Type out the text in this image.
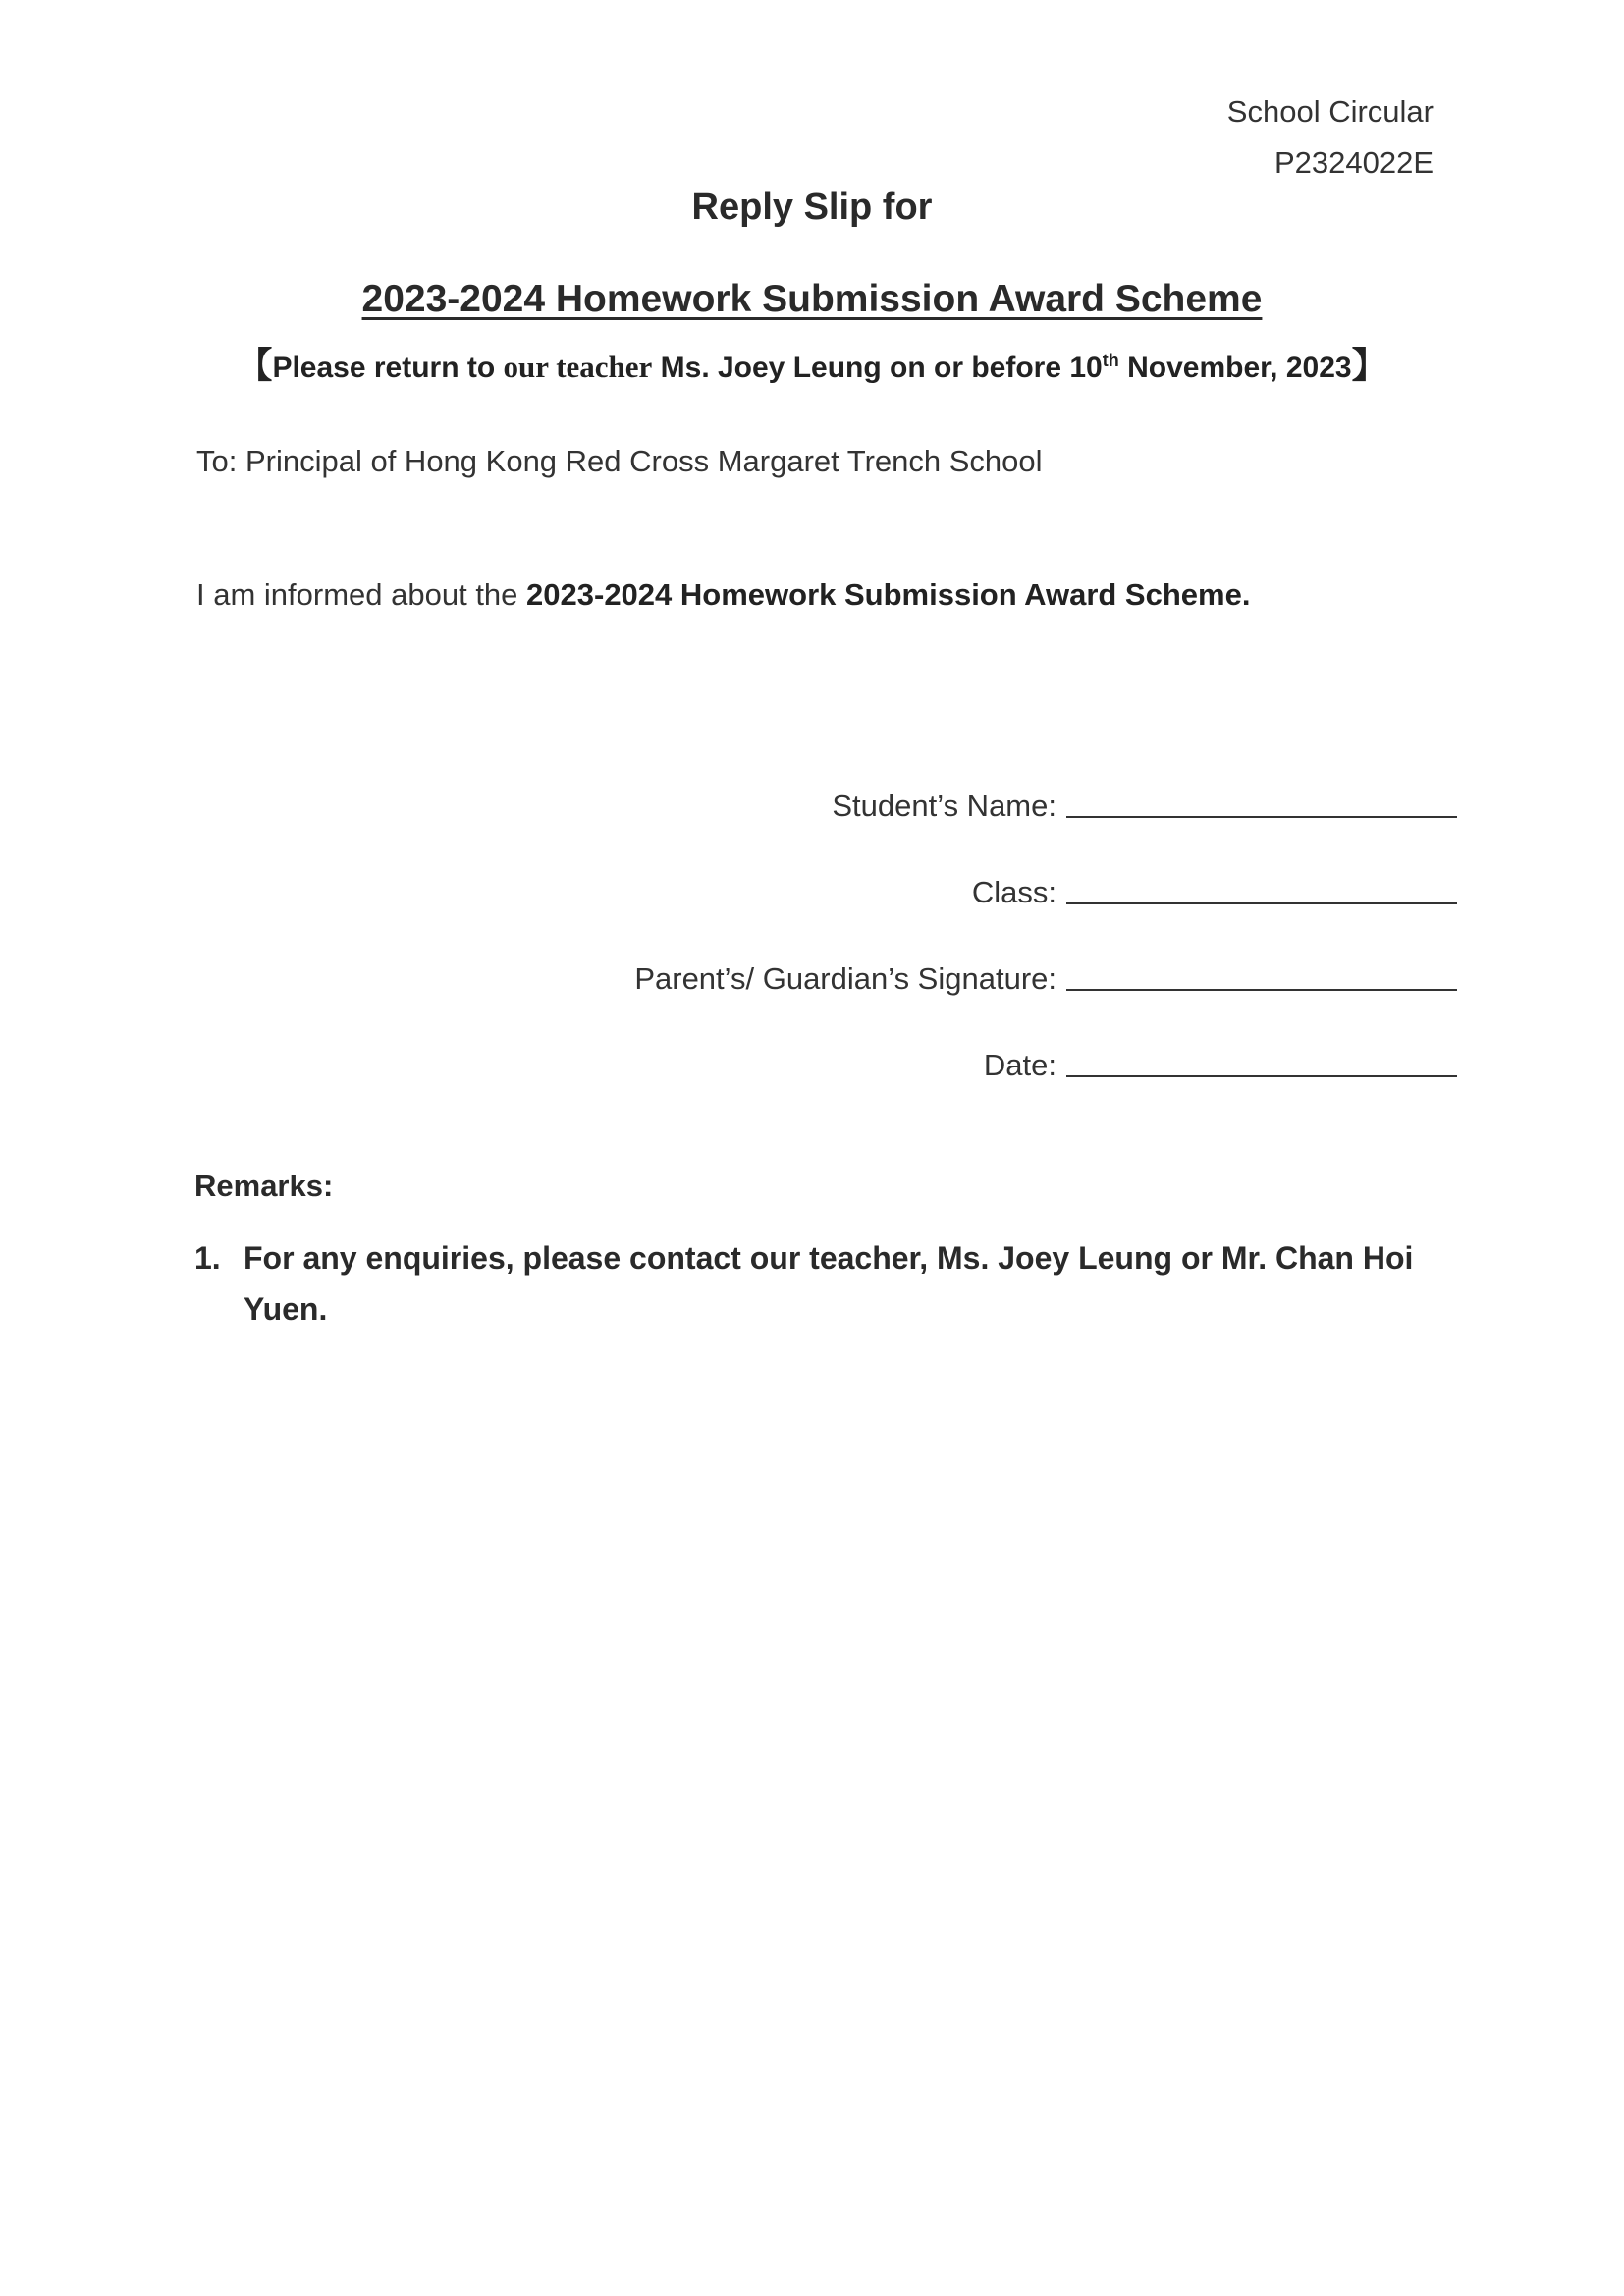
School Circular
P2324022E
Reply Slip for
2023-2024 Homework Submission Award Scheme
【Please return to our teacher Ms. Joey Leung on or before 10th November, 2023】
To: Principal of Hong Kong Red Cross Margaret Trench School
I am informed about the 2023-2024 Homework Submission Award Scheme.
Student’s Name:
Class:
Parent’s/ Guardian’s Signature:
Date:
Remarks:
1. For any enquiries, please contact our teacher, Ms. Joey Leung or Mr. Chan Hoi Yuen.
